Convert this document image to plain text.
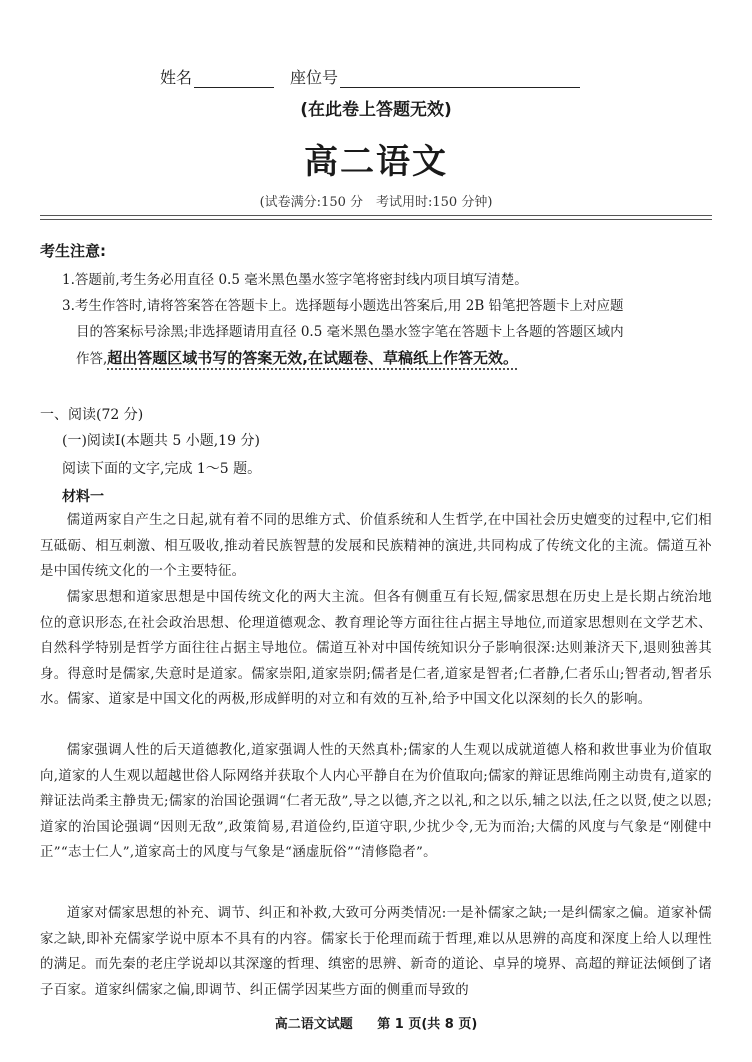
姓名	座位号
(在此卷上答题无效)
高二语文
(试卷满分:150 分　考试用时:150 分钟)
考生注意:
1.答题前,考生务必用直径 0.5 毫米黑色墨水签字笔将密封线内项目填写清楚。
3.考生作答时,请将答案答在答题卡上。选择题每小题选出答案后,用 2B 铅笔把答题卡上对应题
目的答案标号涂黑;非选择题请用直径 0.5 毫米黑色墨水签字笔在答题卡上各题的答题区域内
作答,超出答题区域书写的答案无效,在试题卷、草稿纸上作答无效。
一、阅读(72 分)
(一)阅读Ⅰ(本题共 5 小题,19 分)
阅读下面的文字,完成 1～5 题。
材料一
儒道两家自产生之日起,就有着不同的思维方式、价值系统和人生哲学,在中国社会历史嬗变的过程中,它们相互砥砺、相互刺激、相互吸收,推动着民族智慧的发展和民族精神的演进,共同构成了传统文化的主流。儒道互补是中国传统文化的一个主要特征。
儒家思想和道家思想是中国传统文化的两大主流。但各有侧重互有长短,儒家思想在历史上是长期占统治地位的意识形态,在社会政治思想、伦理道德观念、教育理论等方面往往占据主导地位,而道家思想则在文学艺术、自然科学特别是哲学方面往往占据主导地位。儒道互补对中国传统知识分子影响很深:达则兼济天下,退则独善其身。得意时是儒家,失意时是道家。儒家崇阳,道家崇阴;儒者是仁者,道家是智者;仁者静,仁者乐山;智者动,智者乐水。儒家、道家是中国文化的两极,形成鲜明的对立和有效的互补,给予中国文化以深刻的长久的影响。
儒家强调人性的后天道德教化,道家强调人性的天然真朴;儒家的人生观以成就道德人格和救世事业为价值取向,道家的人生观以超越世俗人际网络并获取个人内心平静自在为价值取向;儒家的辩证思维尚刚主动贵有,道家的辩证法尚柔主静贵无;儒家的治国论强调“仁者无敌”,导之以德,齐之以礼,和之以乐,辅之以法,任之以贤,使之以恩;道家的治国论强调“因则无敌”,政策简易,君道俭约,臣道守职,少扰少令,无为而治;大儒的风度与气象是“刚健中正”“志士仁人”,道家高士的风度与气象是“涵虚朊俗”“清修隐者”。
道家对儒家思想的补充、调节、纠正和补救,大致可分两类情况:一是补儒家之缺;一是纠儒家之偏。道家补儒家之缺,即补充儒家学说中原本不具有的内容。儒家长于伦理而疏于哲理,难以从思辨的高度和深度上给人以理性的满足。而先秦的老庄学说却以其深邃的哲理、缜密的思辨、新奇的道论、卓异的境界、高超的辩证法倾倒了诸子百家。道家纠儒家之偏,即调节、纠正儒学因某些方面的侧重而导致的
高二语文试题 第 1 页(共 8 页)
